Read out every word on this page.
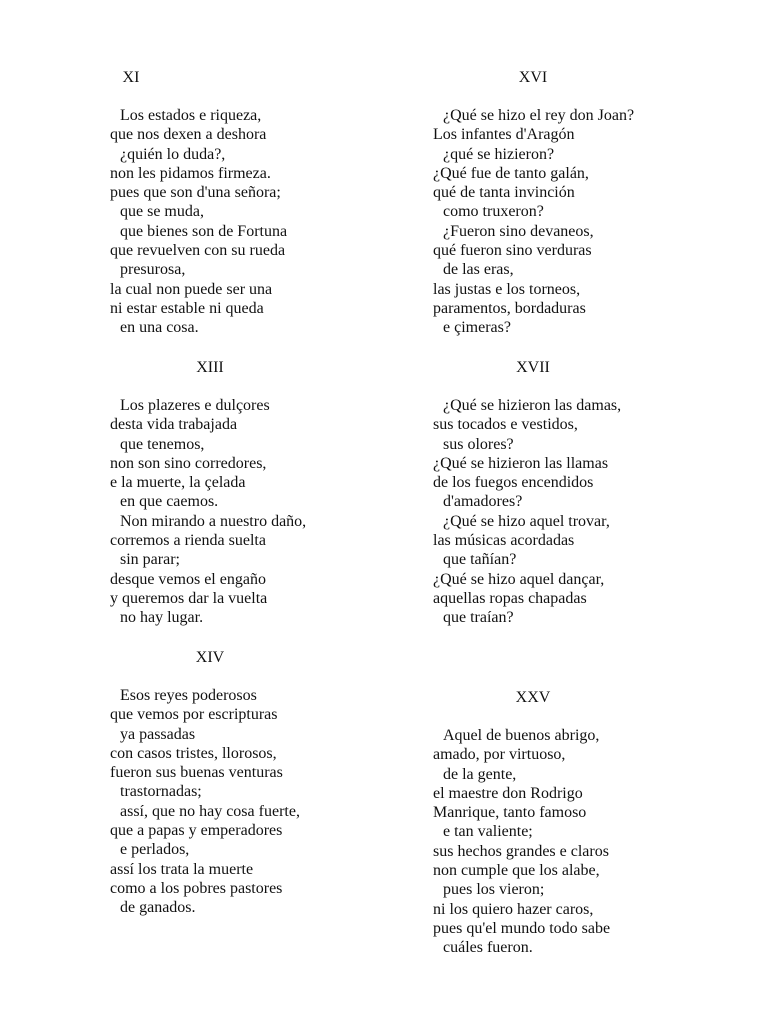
XI
Los estados e riqueza,
que nos dexen a deshora
¿quién lo duda?,
non les pidamos firmeza.
pues que son d'una señora;
que se muda,
que bienes son de Fortuna
que revuelven con su rueda
presurosa,
la cual non puede ser una
ni estar estable ni queda
en una cosa.
XIII
Los plazeres e dulçores
desta vida trabajada
que tenemos,
non son sino corredores,
e la muerte, la çelada
en que caemos.
Non mirando a nuestro daño,
corremos a rienda suelta
sin parar;
desque vemos el engaño
y queremos dar la vuelta
no hay lugar.
XIV
Esos reyes poderosos
que vemos por escripturas
ya passadas
con casos tristes, llorosos,
fueron sus buenas venturas
trastornadas;
assí, que no hay cosa fuerte,
que a papas y emperadores
e perlados,
assí los trata la muerte
como a los pobres pastores
de ganados.
XVI
¿Qué se hizo el rey don Joan?
Los infantes d'Aragón
¿qué se hizieron?
¿Qué fue de tanto galán,
qué de tanta invinción
como truxeron?
¿Fueron sino devaneos,
qué fueron sino verduras
de las eras,
las justas e los torneos,
paramentos, bordaduras
e çimeras?
XVII
¿Qué se hizieron las damas,
sus tocados e vestidos,
sus olores?
¿Qué se hizieron las llamas
de los fuegos encendidos
d'amadores?
¿Qué se hizo aquel trovar,
las músicas acordadas
que tañían?
¿Qué se hizo aquel dançar,
aquellas ropas chapadas
que traían?
XXV
Aquel de buenos abrigo,
amado, por virtuoso,
de la gente,
el maestre don Rodrigo
Manrique, tanto famoso
e tan valiente;
sus hechos grandes e claros
non cumple que los alabe,
pues los vieron;
ni los quiero hazer caros,
pues qu'el mundo todo sabe
cuáles fueron.
